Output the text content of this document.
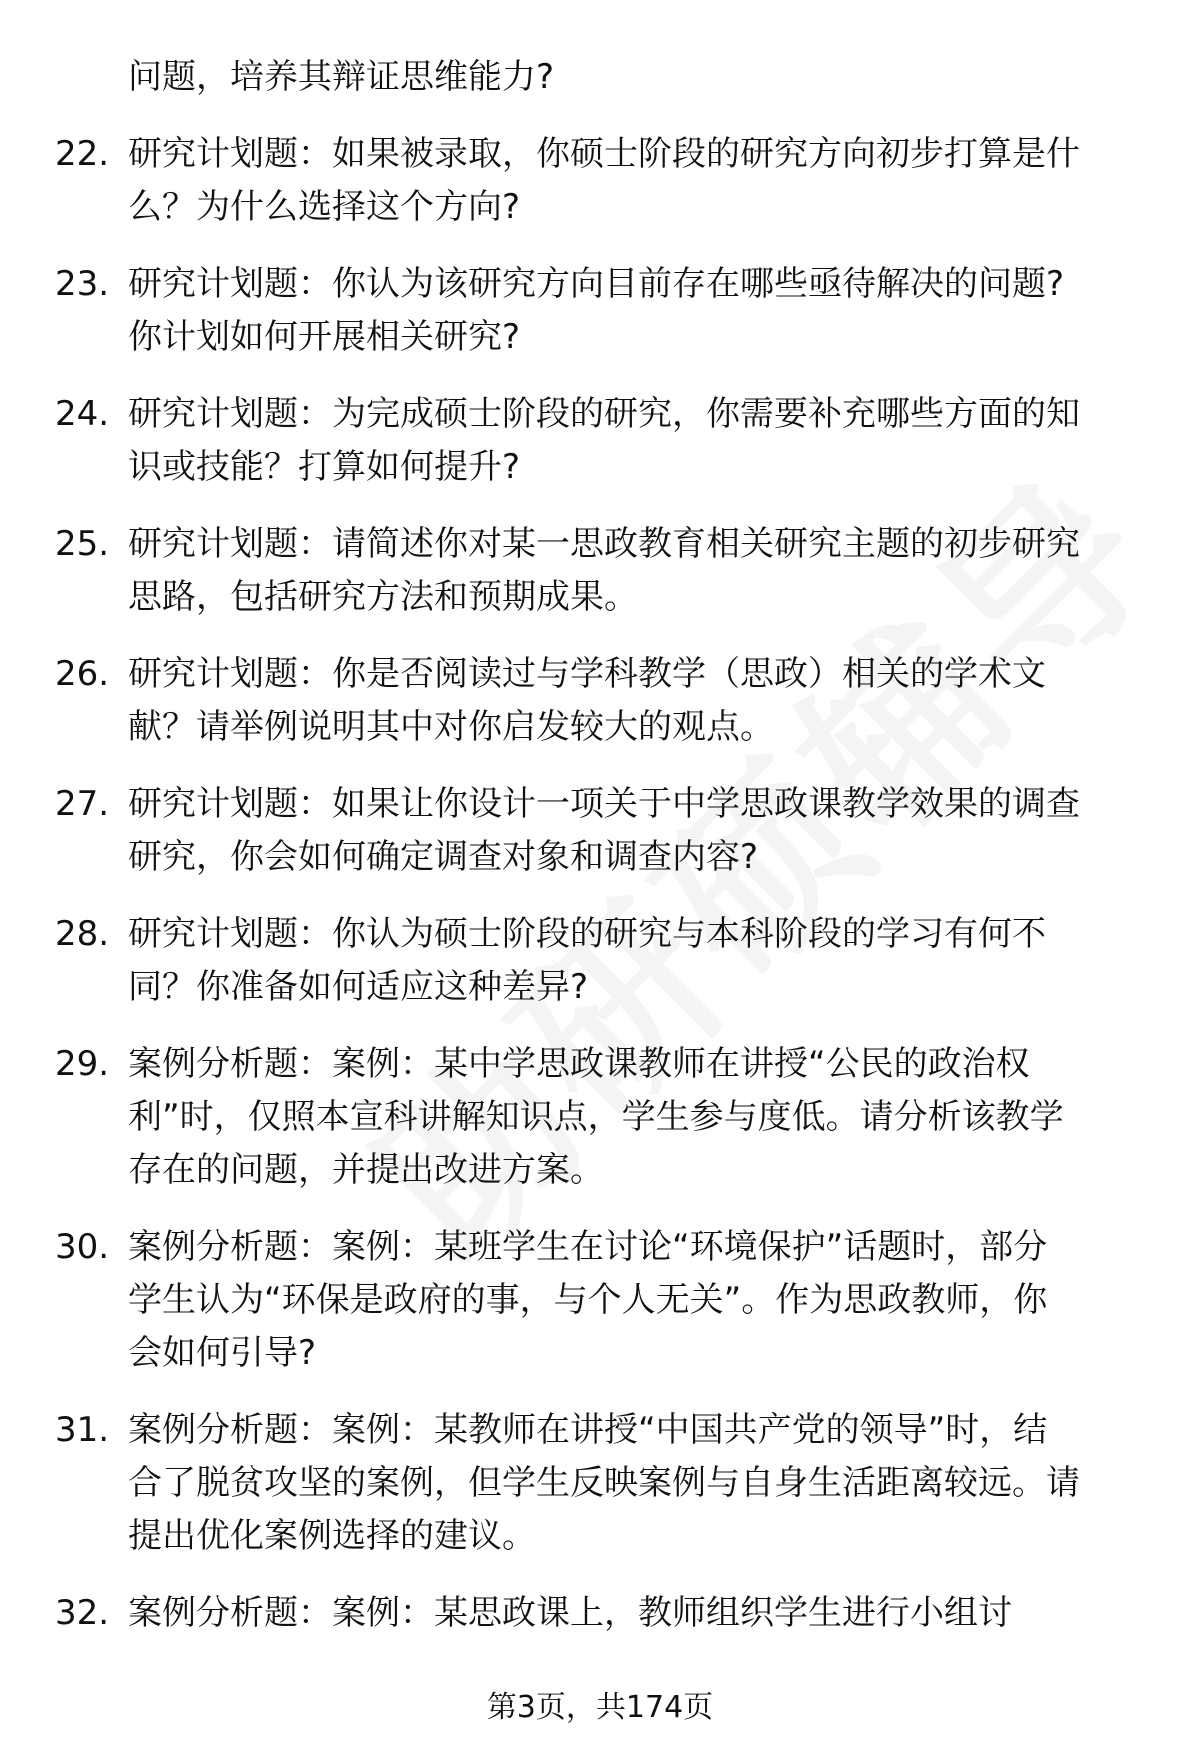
问题，培养其辩证思维能力?
22. 研究计划题：如果被录取，你硕士阶段的研究方向初步打算是什
么？为什么选择这个方向?
23. 研究计划题：你认为该研究方向目前存在哪些亟待解决的问题?
你计划如何开展相关研究?
24. 研究计划题：为完成硕士阶段的研究，你需要补充哪些方面的知
识或技能？打算如何提升?
25. 研究计划题：请简述你对某一思政教育相关研究主题的初步研究
思路，包括研究方法和预期成果。
26. 研究计划题：你是否阅读过与学科教学（思政）相关的学术文
献？请举例说明其中对你启发较大的观点。
27. 研究计划题：如果让你设计一项关于中学思政课教学效果的调查
研究，你会如何确定调查对象和调查内容?
28. 研究计划题：你认为硕士阶段的研究与本科阶段的学习有何不
同？你准备如何适应这种差异?
29. 案例分析题：案例：某中学思政课教师在讲授“公民的政治权
利”时，仅照本宣科讲解知识点，学生参与度低。请分析该教学
存在的问题，并提出改进方案。
30. 案例分析题：案例：某班学生在讨论“环境保护”话题时，部分
学生认为“环保是政府的事，与个人无关”。作为思政教师，你
会如何引导?
31. 案例分析题：案例：某教师在讲授“中国共产党的领导”时，结
合了脱贫攻坚的案例，但学生反映案例与自身生活距离较远。请
提出优化案例选择的建议。
32. 案例分析题：案例：某思政课上，教师组织学生进行小组讨
第3页，共174页
